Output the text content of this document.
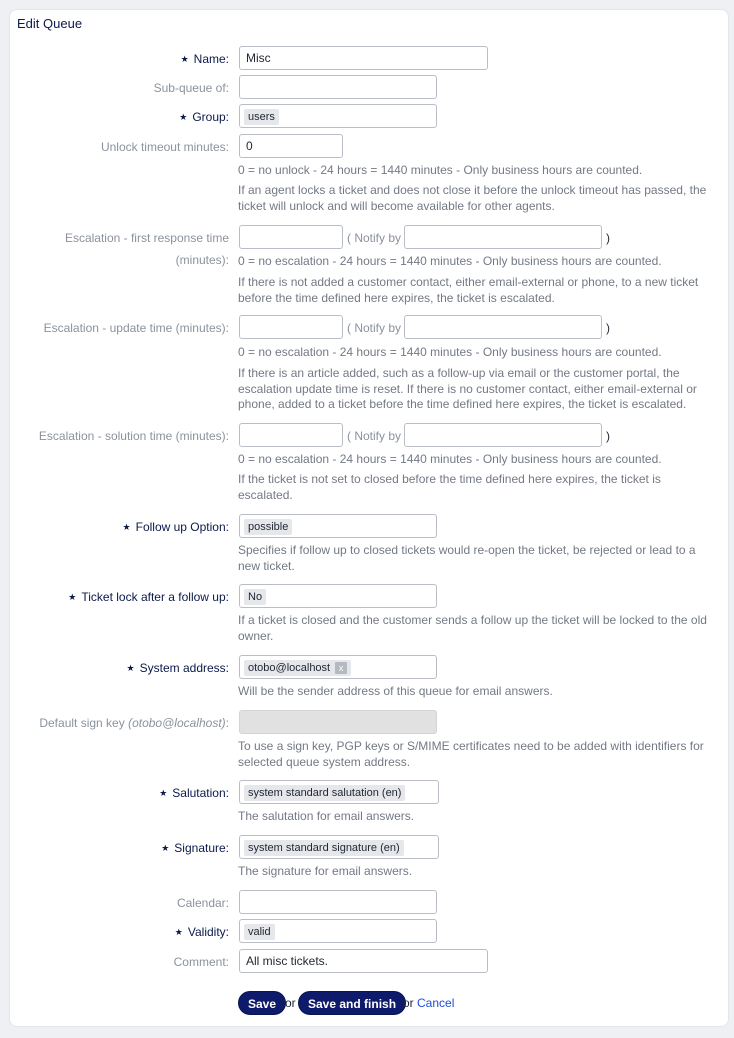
Edit Queue
★ Name:	Misc
Sub-queue of:
★ Group:	users
Unlock timeout minutes:	0
0 = no unlock - 24 hours = 1440 minutes - Only business hours are counted.
If an agent locks a ticket and does not close it before the unlock timeout has passed, the ticket will unlock and will become available for other agents.
Escalation - first response time
(minutes):
( Notify by	)
0 = no escalation - 24 hours = 1440 minutes - Only business hours are counted.
If there is not added a customer contact, either email-external or phone, to a new ticket before the time defined here expires, the ticket is escalated.
Escalation - update time (minutes):	( Notify by	)
0 = no escalation - 24 hours = 1440 minutes - Only business hours are counted.
If there is an article added, such as a follow-up via email or the customer portal, the escalation update time is reset. If there is no customer contact, either email-external or phone, added to a ticket before the time defined here expires, the ticket is escalated.
Escalation - solution time (minutes):	( Notify by	)
0 = no escalation - 24 hours = 1440 minutes - Only business hours are counted.
If the ticket is not set to closed before the time defined here expires, the ticket is escalated.
★ Follow up Option:	possible
Specifies if follow up to closed tickets would re-open the ticket, be rejected or lead to a new ticket.
★ Ticket lock after a follow up:	No
If a ticket is closed and the customer sends a follow up the ticket will be locked to the old owner.
★ System address:	otobo@localhost x
Will be the sender address of this queue for email answers.
Default sign key (otobo@localhost):
To use a sign key, PGP keys or S/MIME certificates need to be added with identifiers for selected queue system address.
★ Salutation:	system standard salutation (en)
The salutation for email answers.
★ Signature:	system standard signature (en)
The signature for email answers.
Calendar:
★ Validity:	valid
Comment:	All misc tickets.
Save or	Save and finish or Cancel
